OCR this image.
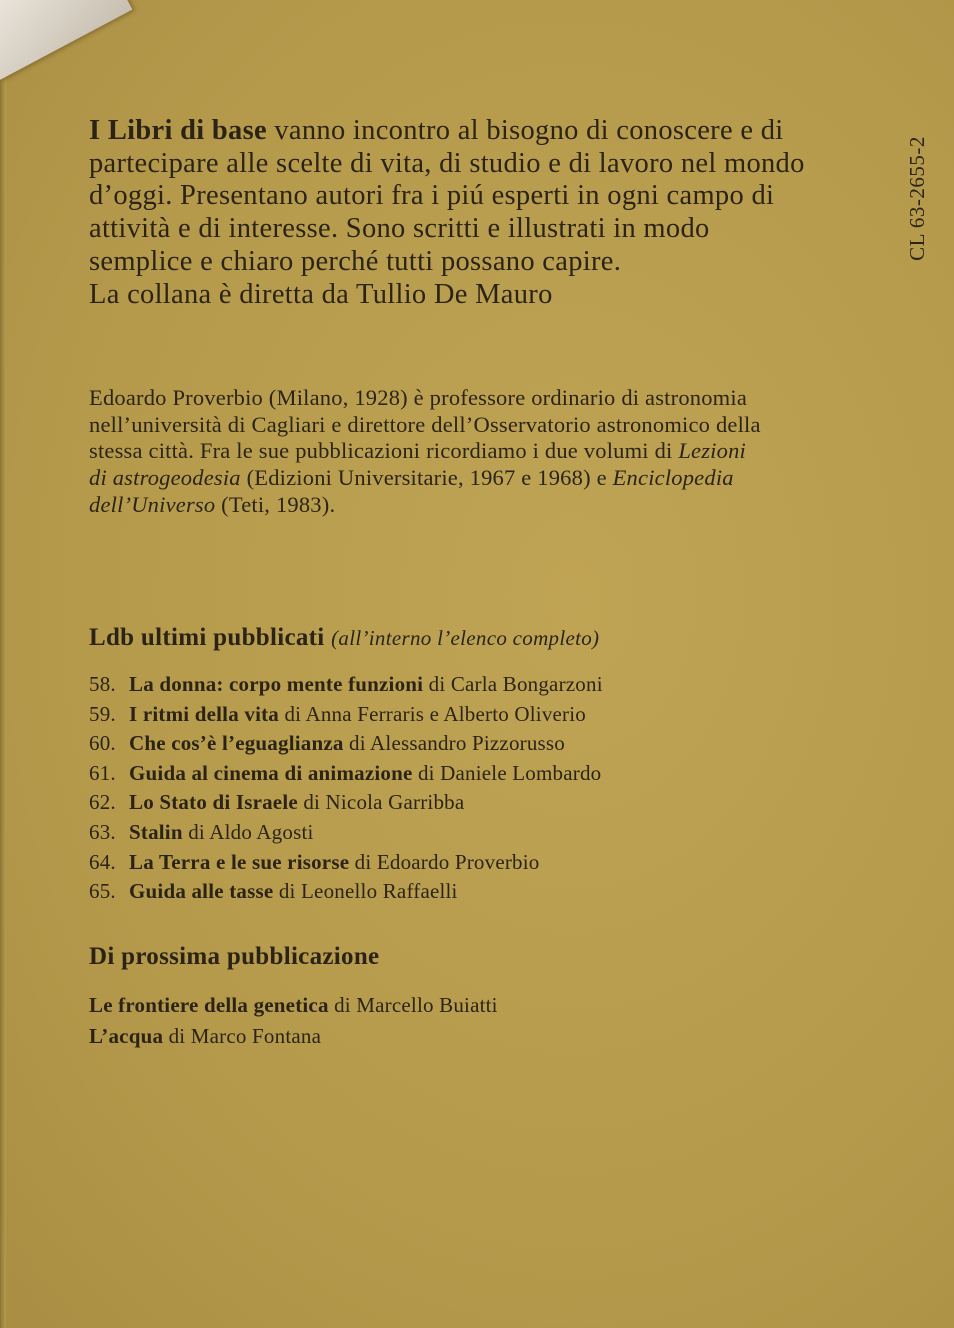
CL 63-2655-2
I Libri di base vanno incontro al bisogno di conoscere e di partecipare alle scelte di vita, di studio e di lavoro nel mondo d’oggi. Presentano autori fra i piú esperti in ogni campo di attività e di interesse. Sono scritti e illustrati in modo semplice e chiaro perché tutti possano capire.
La collana è diretta da Tullio De Mauro
Edoardo Proverbio (Milano, 1928) è professore ordinario di astronomia nell’università di Cagliari e direttore dell’Osservatorio astronomico della stessa città. Fra le sue pubblicazioni ricordiamo i due volumi di Lezioni di astrogeodesia (Edizioni Universitarie, 1967 e 1968) e Enciclopedia dell’Universo (Teti, 1983).
Ldb ultimi pubblicati (all’interno l’elenco completo)
58. La donna: corpo mente funzioni di Carla Bongarzoni
59. I ritmi della vita di Anna Ferraris e Alberto Oliverio
60. Che cos’è l’eguaglianza di Alessandro Pizzorusso
61. Guida al cinema di animazione di Daniele Lombardo
62. Lo Stato di Israele di Nicola Garribba
63. Stalin di Aldo Agosti
64. La Terra e le sue risorse di Edoardo Proverbio
65. Guida alle tasse di Leonello Raffaelli
Di prossima pubblicazione
Le frontiere della genetica di Marcello Buiatti
L’acqua di Marco Fontana
